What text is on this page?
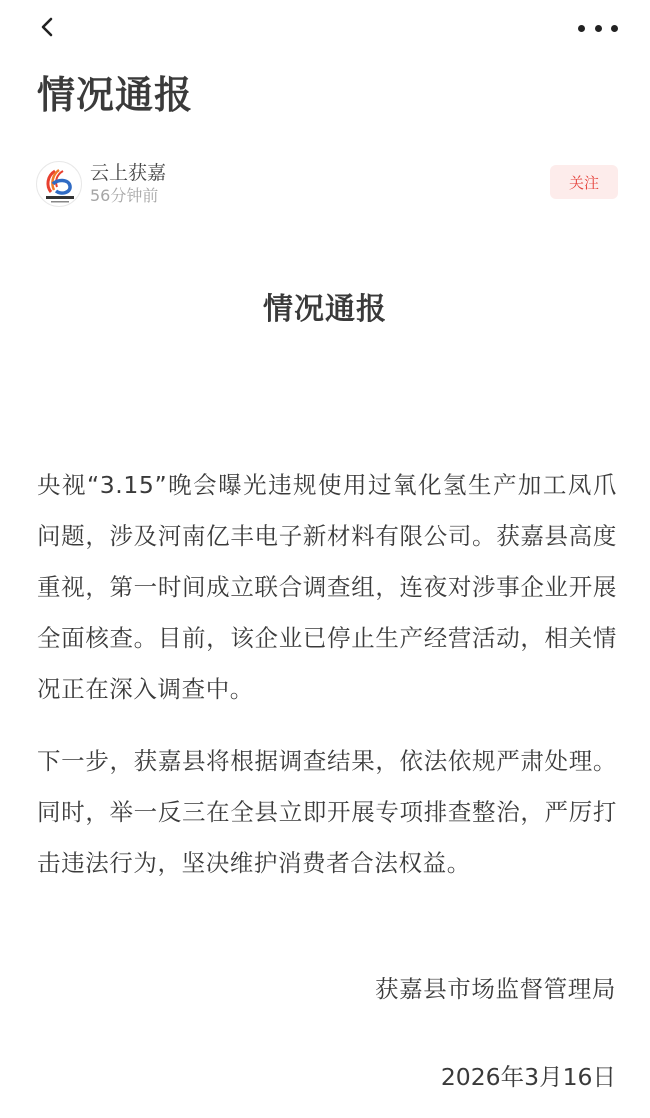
情况通报
云上获嘉
56分钟前
关注
情况通报

央视“3.15”晚会曝光违规使用过氧化氢生产加工凤爪问题，涉及河南亿丰电子新材料有限公司。获嘉县高度重视，第一时间成立联合调查组，连夜对涉事企业开展全面核查。目前，该企业已停止生产经营活动，相关情况正在深入调查中。

下一步，获嘉县将根据调查结果，依法依规严肃处理。同时，举一反三在全县立即开展专项排查整治，严厉打击违法行为，坚决维护消费者合法权益。

获嘉县市场监督管理局
2026年3月16日
